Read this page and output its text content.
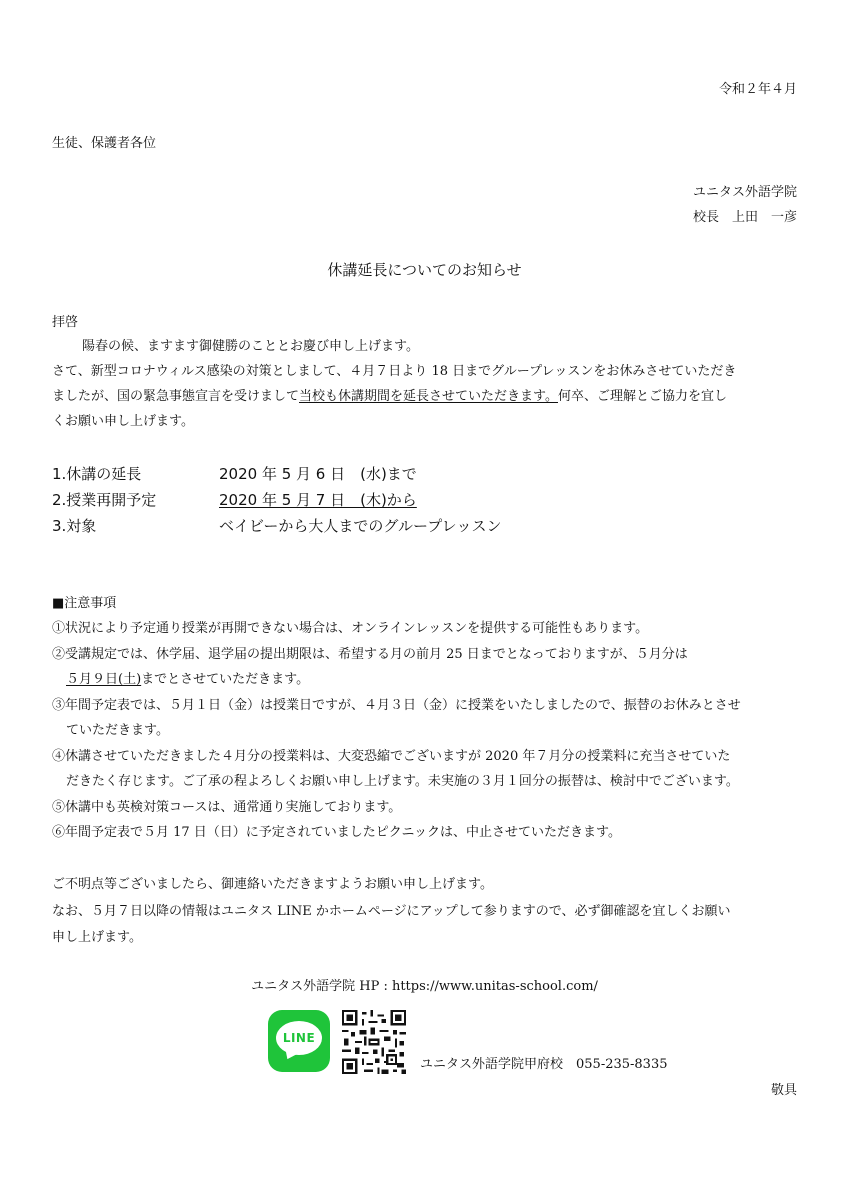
令和２年４月
生徒、保護者各位
ユニタス外語学院
校長　 上田　一彦
休講延長についてのお知らせ
拝啓
陽春の候、ますます御健勝のこととお慶び申し上げます。
さて、新型コロナウィルス感染の対策としまして、４月７日より 18 日までグループレッスンをお休みさせていただき
ましたが、国の緊急事態宣言を受けまして当校も休講期間を延長させていただきます。何卒、ご理解とご協力を宜し
くお願い申し上げます。
1.休講の延長	2020 年 5 月 6 日　(水)まで
2.授業再開予定	2020 年 5 月 7 日　(木)から
3.対象	ベイビーから大人までのグループレッスン
■注意事項
①状況により予定通り授業が再開できない場合は、オンラインレッスンを提供する可能性もあります。
②受講規定では、休学届、退学届の提出期限は、希望する月の前月 25 日までとなっておりますが、５月分は
５月９日(土)までとさせていただきます。
③年間予定表では、５月１日（金）は授業日ですが、４月３日（金）に授業をいたしましたので、振替のお休みとさせ
ていただきます。
④休講させていただきました４月分の授業料は、大変恐縮でございますが 2020 年７月分の授業料に充当させていた
だきたく存じます。ご了承の程よろしくお願い申し上げます。未実施の３月１回分の振替は、検討中でございます。
⑤休講中も英検対策コースは、通常通り実施しております。
⑥年間予定表で５月 17 日（日）に予定されていましたピクニックは、中止させていただきます。
ご不明点等ございましたら、御連絡いただきますようお願い申し上げます。
なお、５月７日以降の情報はユニタス LINE かホームページにアップして参りますので、必ず御確認を宜しくお願い
申し上げます。
ユニタス外語学院 HP : https://www.unitas-school.com/
LINE
ユニタス外語学院甲府校　055-235-8335
敬具
